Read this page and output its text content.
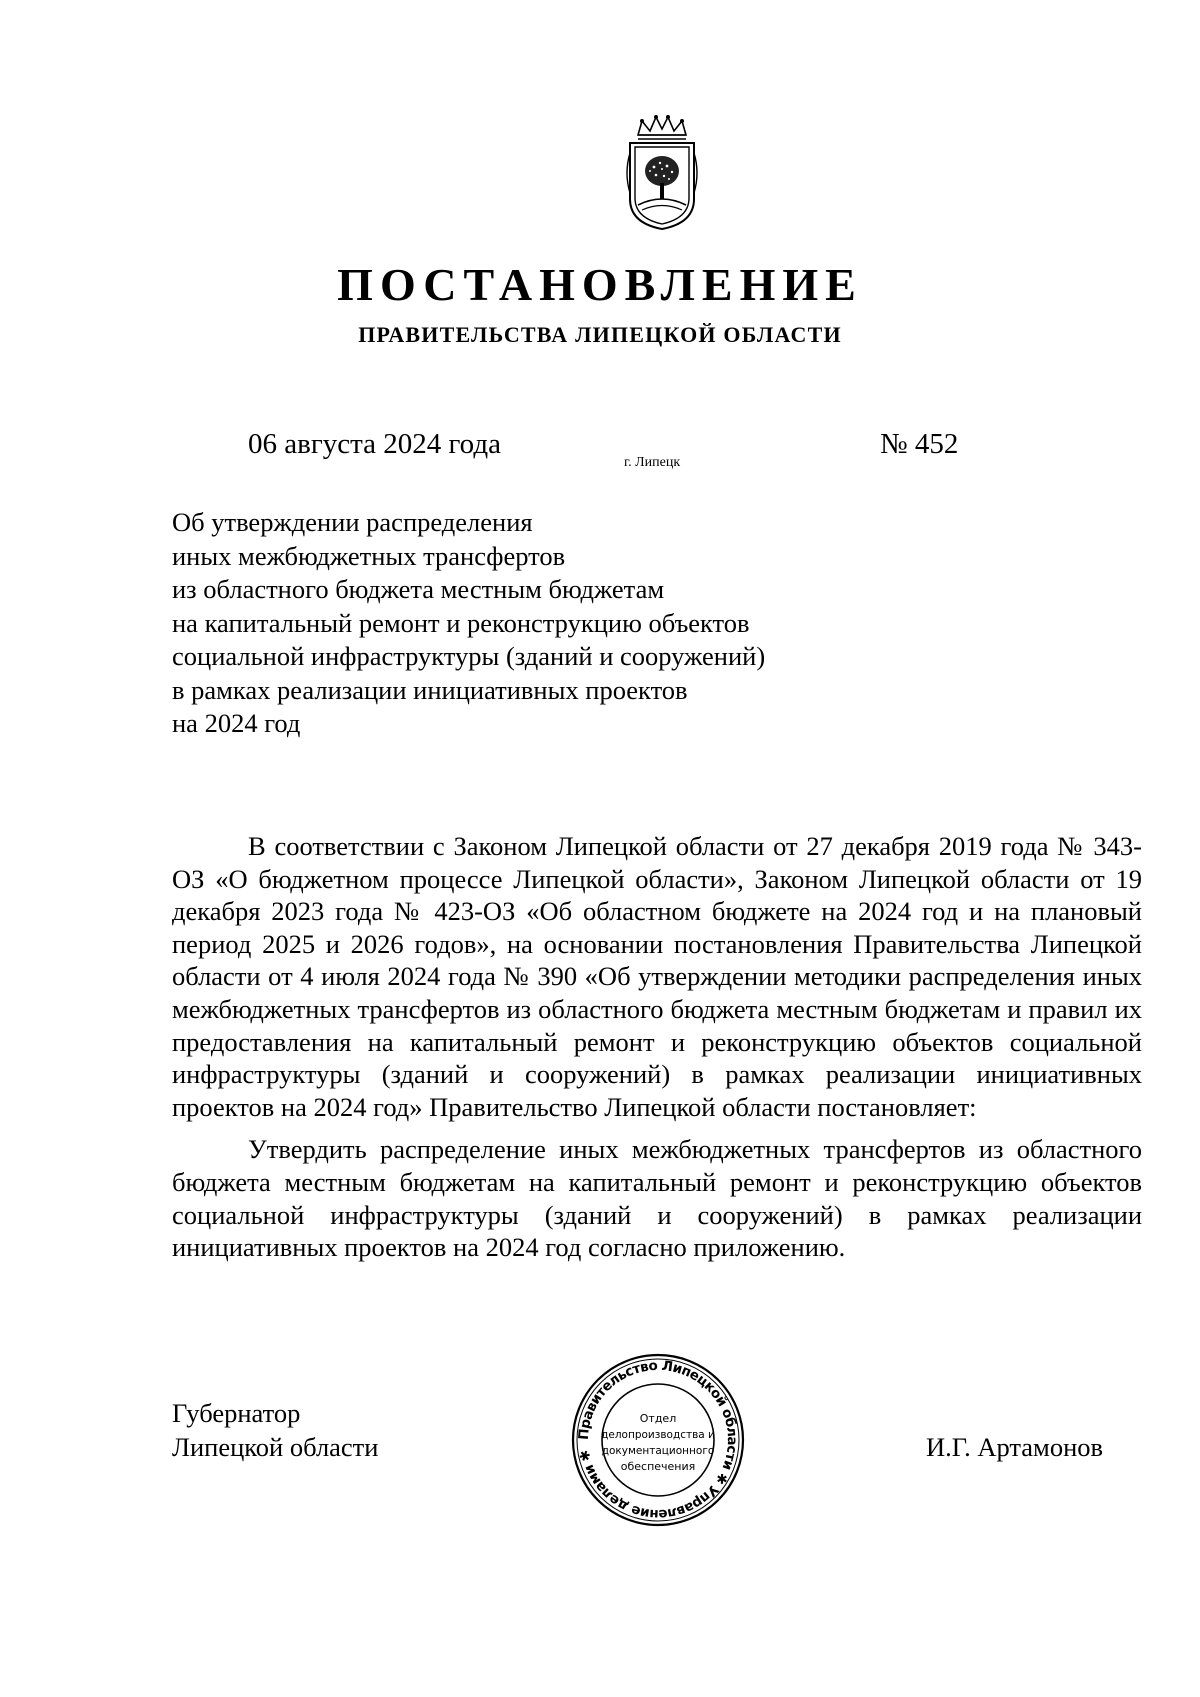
ПОСТАНОВЛЕНИЕ
ПРАВИТЕЛЬСТВА ЛИПЕЦКОЙ ОБЛАСТИ
06 августа 2024 года
г. Липецк
№ 452
Об утверждении распределения
иных межбюджетных трансфертов
из областного бюджета местным бюджетам
на капитальный ремонт и реконструкцию объектов
социальной инфраструктуры (зданий и сооружений)
в рамках реализации инициативных проектов
на 2024 год

В соответствии с Законом Липецкой области от 27 декабря 2019 года № 343-ОЗ «О бюджетном процессе Липецкой области», Законом Липецкой области от 19 декабря 2023 года № 423-ОЗ «Об областном бюджете на 2024 год и на плановый период 2025 и 2026 годов», на основании постановления Правительства Липецкой области от 4 июля 2024 года № 390 «Об утверждении методики распределения иных межбюджетных трансфертов из областного бюджета местным бюджетам и правил их предоставления на капитальный ремонт и реконструкцию объектов социальной инфраструктуры (зданий и сооружений) в рамках реализации инициативных проектов на 2024 год» Правительство Липецкой области постановляет:

Утвердить распределение иных межбюджетных трансфертов из областного бюджета местным бюджетам на капитальный ремонт и реконструкцию объектов социальной инфраструктуры (зданий и сооружений) в рамках реализации инициативных проектов на 2024 год согласно приложению.

Губернатор
Липецкой области	И.Г. Артамонов
Правительство Липецкой области ✱ Управление делами ✱
Отдел
делопроизводства и
документационного
обеспечения
